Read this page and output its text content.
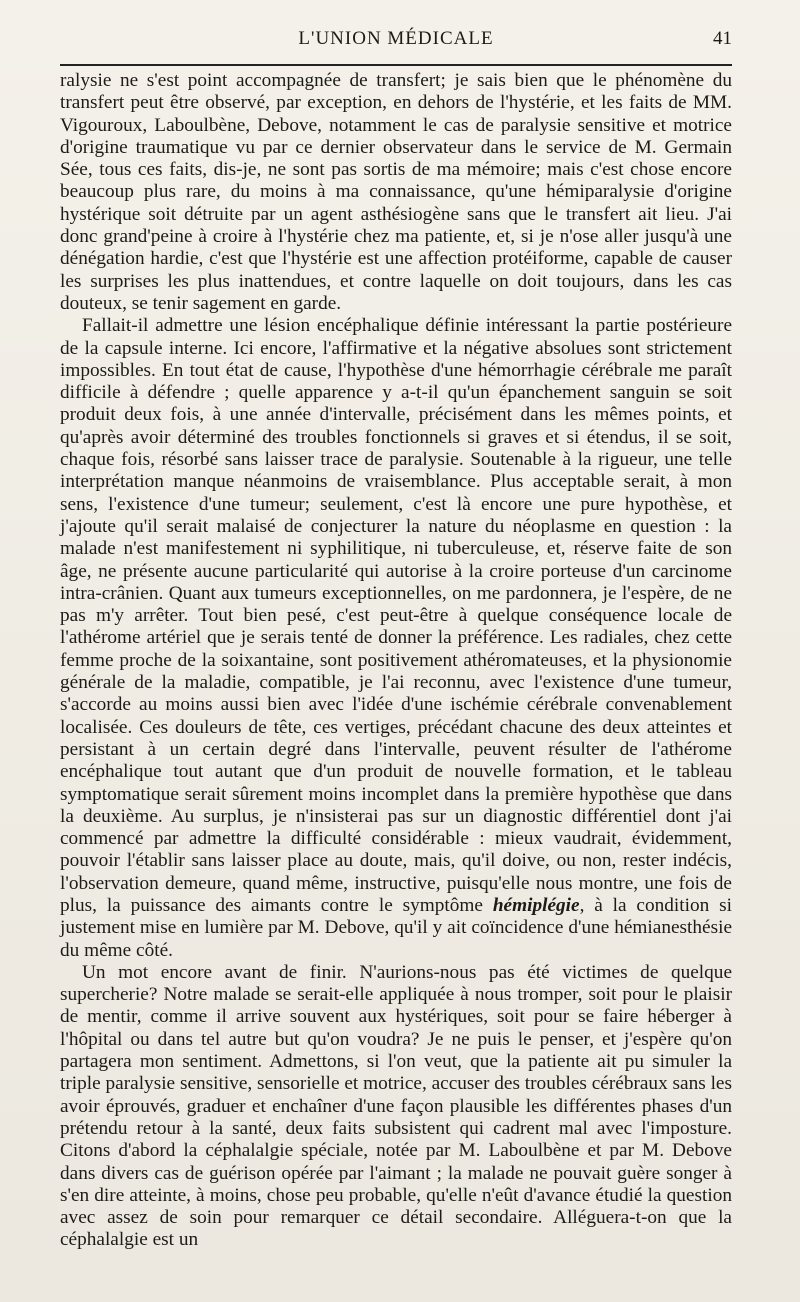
L'UNION MÉDICALE	41

ralysie ne s'est point accompagnée de transfert; je sais bien que le phénomène du transfert peut être observé, par exception, en dehors de l'hystérie, et les faits de MM. Vigouroux, Laboulbène, Debove, notamment le cas de paralysie sensitive et motrice d'origine traumatique vu par ce dernier observateur dans le service de M. Germain Sée, tous ces faits, dis-je, ne sont pas sortis de ma mémoire; mais c'est chose encore beaucoup plus rare, du moins à ma connaissance, qu'une hémiparalysie d'origine hystérique soit détruite par un agent asthésiogène sans que le transfert ait lieu. J'ai donc grand'peine à croire à l'hystérie chez ma patiente, et, si je n'ose aller jusqu'à une dénégation hardie, c'est que l'hystérie est une affection protéiforme, capable de causer les surprises les plus inattendues, et contre laquelle on doit toujours, dans les cas douteux, se tenir sagement en garde.

Fallait-il admettre une lésion encéphalique définie intéressant la partie postérieure de la capsule interne. Ici encore, l'affirmative et la négative absolues sont strictement impossibles. En tout état de cause, l'hypothèse d'une hémorrhagie cérébrale me paraît difficile à défendre ; quelle apparence y a-t-il qu'un épanchement sanguin se soit produit deux fois, à une année d'intervalle, précisément dans les mêmes points, et qu'après avoir déterminé des troubles fonctionnels si graves et si étendus, il se soit, chaque fois, résorbé sans laisser trace de paralysie. Soutenable à la rigueur, une telle interprétation manque néanmoins de vraisemblance. Plus acceptable serait, à mon sens, l'existence d'une tumeur; seulement, c'est là encore une pure hypothèse, et j'ajoute qu'il serait malaisé de conjecturer la nature du néoplasme en question : la malade n'est manifestement ni syphilitique, ni tuberculeuse, et, réserve faite de son âge, ne présente aucune particularité qui autorise à la croire porteuse d'un carcinome intra-crânien. Quant aux tumeurs exceptionnelles, on me pardonnera, je l'espère, de ne pas m'y arrêter. Tout bien pesé, c'est peut-être à quelque conséquence locale de l'athérome artériel que je serais tenté de donner la préférence. Les radiales, chez cette femme proche de la soixantaine, sont positivement athéromateuses, et la physionomie générale de la maladie, compatible, je l'ai reconnu, avec l'existence d'une tumeur, s'accorde au moins aussi bien avec l'idée d'une ischémie cérébrale convenablement localisée. Ces douleurs de tête, ces vertiges, précédant chacune des deux atteintes et persistant à un certain degré dans l'intervalle, peuvent résulter de l'athérome encéphalique tout autant que d'un produit de nouvelle formation, et le tableau symptomatique serait sûrement moins incomplet dans la première hypothèse que dans la deuxième. Au surplus, je n'insisterai pas sur un diagnostic différentiel dont j'ai commencé par admettre la difficulté considérable : mieux vaudrait, évidemment, pouvoir l'établir sans laisser place au doute, mais, qu'il doive, ou non, rester indécis, l'observation demeure, quand même, instructive, puisqu'elle nous montre, une fois de plus, la puissance des aimants contre le symptôme hémiplégie, à la condition si justement mise en lumière par M. Debove, qu'il y ait coïncidence d'une hémianesthésie du même côté.

Un mot encore avant de finir. N'aurions-nous pas été victimes de quelque supercherie? Notre malade se serait-elle appliquée à nous tromper, soit pour le plaisir de mentir, comme il arrive souvent aux hystériques, soit pour se faire héberger à l'hôpital ou dans tel autre but qu'on voudra? Je ne puis le penser, et j'espère qu'on partagera mon sentiment. Admettons, si l'on veut, que la patiente ait pu simuler la triple paralysie sensitive, sensorielle et motrice, accuser des troubles cérébraux sans les avoir éprouvés, graduer et enchaîner d'une façon plausible les différentes phases d'un prétendu retour à la santé, deux faits subsistent qui cadrent mal avec l'imposture. Citons d'abord la céphalalgie spéciale, notée par M. Laboulbène et par M. Debove dans divers cas de guérison opérée par l'aimant ; la malade ne pouvait guère songer à s'en dire atteinte, à moins, chose peu probable, qu'elle n'eût d'avance étudié la question avec assez de soin pour remarquer ce détail secondaire. Alléguera-t-on que la céphalalgie est un
